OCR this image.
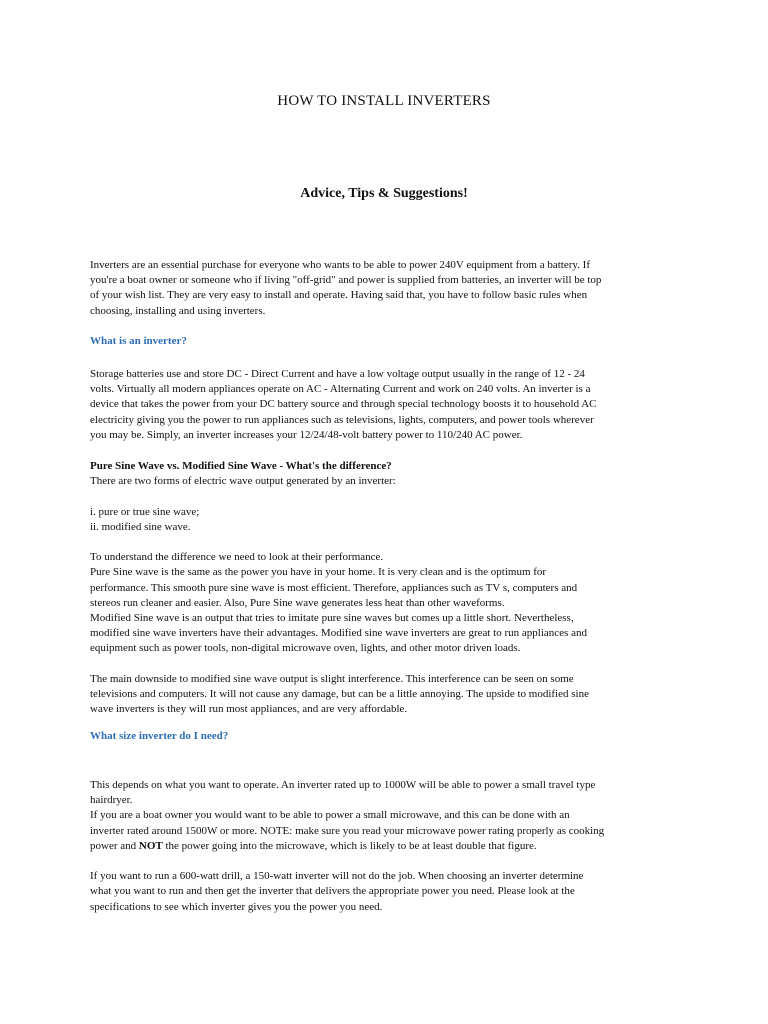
HOW TO INSTALL INVERTERS
Advice, Tips & Suggestions!

Inverters are an essential purchase for everyone who wants to be able to power 240V equipment from a battery. If

you're a boat owner or someone who if living "off-grid" and power is supplied from batteries, an inverter will be top

of your wish list. They are very easy to install and operate. Having said that, you have to follow basic rules when

choosing, installing and using inverters.

What is an inverter?

Storage batteries use and store DC - Direct Current and have a low voltage output usually in the range of 12 - 24

volts. Virtually all modern appliances operate on AC - Alternating Current and work on 240 volts. An inverter is a

device that takes the power from your DC battery source and through special technology boosts it to household AC

electricity giving you the power to run appliances such as televisions, lights, computers, and power tools wherever

you may be. Simply, an inverter increases your 12/24/48-volt battery power to 110/240 AC power.

Pure Sine Wave vs. Modified Sine Wave - What's the difference?

There are two forms of electric wave output generated by an inverter:

i. pure or true sine wave;

ii. modified sine wave.

To understand the difference we need to look at their performance.

Pure Sine wave is the same as the power you have in your home. It is very clean and is the optimum for

performance. This smooth pure sine wave is most efficient. Therefore, appliances such as TV s, computers and

stereos run cleaner and easier. Also, Pure Sine wave generates less heat than other waveforms.

Modified Sine wave is an output that tries to imitate pure sine waves but comes up a little short. Nevertheless,

modified sine wave inverters have their advantages. Modified sine wave inverters are great to run appliances and

equipment such as power tools, non-digital microwave oven, lights, and other motor driven loads.

The main downside to modified sine wave output is slight interference. This interference can be seen on some

televisions and computers. It will not cause any damage, but can be a little annoying. The upside to modified sine

wave inverters is they will run most appliances, and are very affordable.

What size inverter do I need?

This depends on what you want to operate. An inverter rated up to 1000W will be able to power a small travel type

hairdryer.

If you are a boat owner you would want to be able to power a small microwave, and this can be done with an

inverter rated around 1500W or more. NOTE: make sure you read your microwave power rating properly as cooking

power and NOT the power going into the microwave, which is likely to be at least double that figure.

If you want to run a 600-watt drill, a 150-watt inverter will not do the job. When choosing an inverter determine

what you want to run and then get the inverter that delivers the appropriate power you need. Please look at the

specifications to see which inverter gives you the power you need.
